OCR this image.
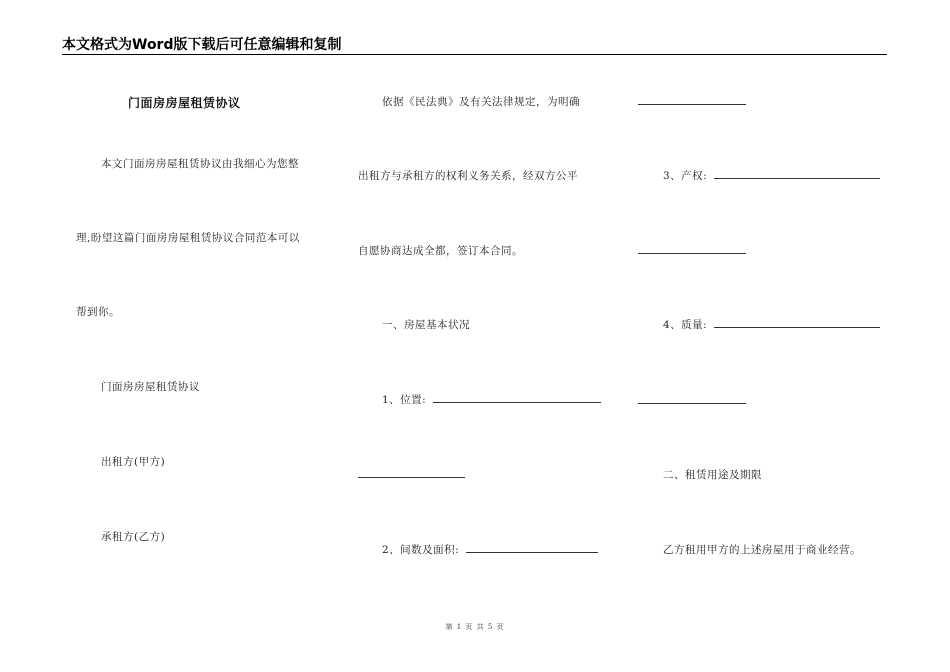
本文格式为Word版下载后可任意编辑和复制
门面房房屋租赁协议
本文门面房房屋租赁协议由我细心为您整
理,盼望这篇门面房房屋租赁协议合同范本可以
帮到你。
门面房房屋租赁协议
出租方(甲方)
承租方(乙方)
依据《民法典》及有关法律规定，为明确
出租方与承租方的权利义务关系，经双方公平
自愿协商达成全都，签订本合同。
一、房屋基本状况
1、位置:
2、间数及面积:
3、产权:
4、质量:
二、租赁用途及期限
乙方租用甲方的上述房屋用于商业经营。
第 1 页 共 5 页
